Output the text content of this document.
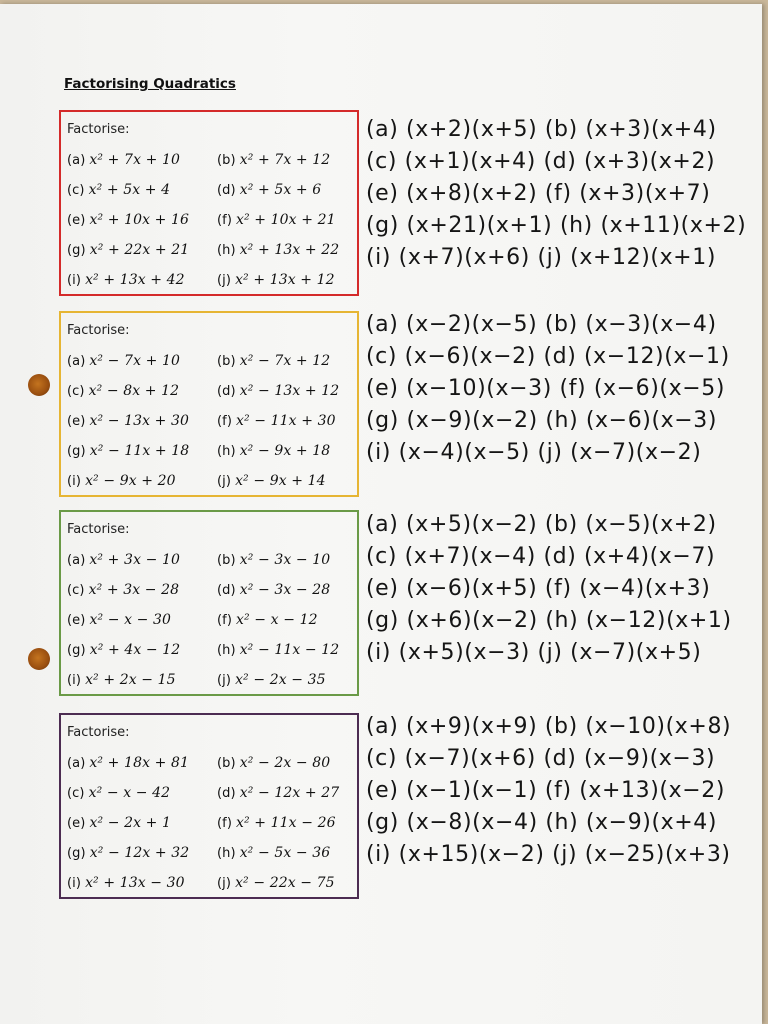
Factorising Quadratics
Factorise:
(a) x² + 7x + 10	(b) x² + 7x + 12
(c) x² + 5x + 4	(d) x² + 5x + 6
(e) x² + 10x + 16 (f) x² + 10x + 21
(g) x² + 22x + 21 (h) x² + 13x + 22
(i) x² + 13x + 42 (j) x² + 13x + 12
Factorise:
(a) x² − 7x + 10	(b) x² − 7x + 12
(c) x² − 8x + 12	(d) x² − 13x + 12
(e) x² − 13x + 30 (f) x² − 11x + 30
(g) x² − 11x + 18 (h) x² − 9x + 18
(i) x² − 9x + 20	(j) x² − 9x + 14
Factorise:
(a) x² + 3x − 10	(b) x² − 3x − 10
(c) x² + 3x − 28	(d) x² − 3x − 28
(e) x² − x − 30	(f) x² − x − 12
(g) x² + 4x − 12	(h) x² − 11x − 12
(i) x² + 2x − 15	(j) x² − 2x − 35
Factorise:
(a) x² + 18x + 81 (b) x² − 2x − 80
(c) x² − x − 42	(d) x² − 12x + 27
(e) x² − 2x + 1	(f) x² + 11x − 26
(g) x² − 12x + 32 (h) x² − 5x − 36
(i) x² + 13x − 30 (j) x² − 22x − 75
(a) (x+2)(x+5) (b) (x+3)(x+4)
(c) (x+1)(x+4) (d) (x+3)(x+2)
(e) (x+8)(x+2) (f) (x+3)(x+7)
(g) (x+21)(x+1) (h) (x+11)(x+2)
(i) (x+7)(x+6) (j) (x+12)(x+1)
(a) (x−2)(x−5) (b) (x−3)(x−4)
(c) (x−6)(x−2) (d) (x−12)(x−1)
(e) (x−10)(x−3) (f) (x−6)(x−5)
(g) (x−9)(x−2) (h) (x−6)(x−3)
(i) (x−4)(x−5) (j) (x−7)(x−2)
(a) (x+5)(x−2) (b) (x−5)(x+2)
(c) (x+7)(x−4) (d) (x+4)(x−7)
(e) (x−6)(x+5) (f) (x−4)(x+3)
(g) (x+6)(x−2) (h) (x−12)(x+1)
(i) (x+5)(x−3) (j) (x−7)(x+5)
(a) (x+9)(x+9) (b) (x−10)(x+8)
(c) (x−7)(x+6) (d) (x−9)(x−3)
(e) (x−1)(x−1) (f) (x+13)(x−2)
(g) (x−8)(x−4) (h) (x−9)(x+4)
(i) (x+15)(x−2) (j) (x−25)(x+3)
